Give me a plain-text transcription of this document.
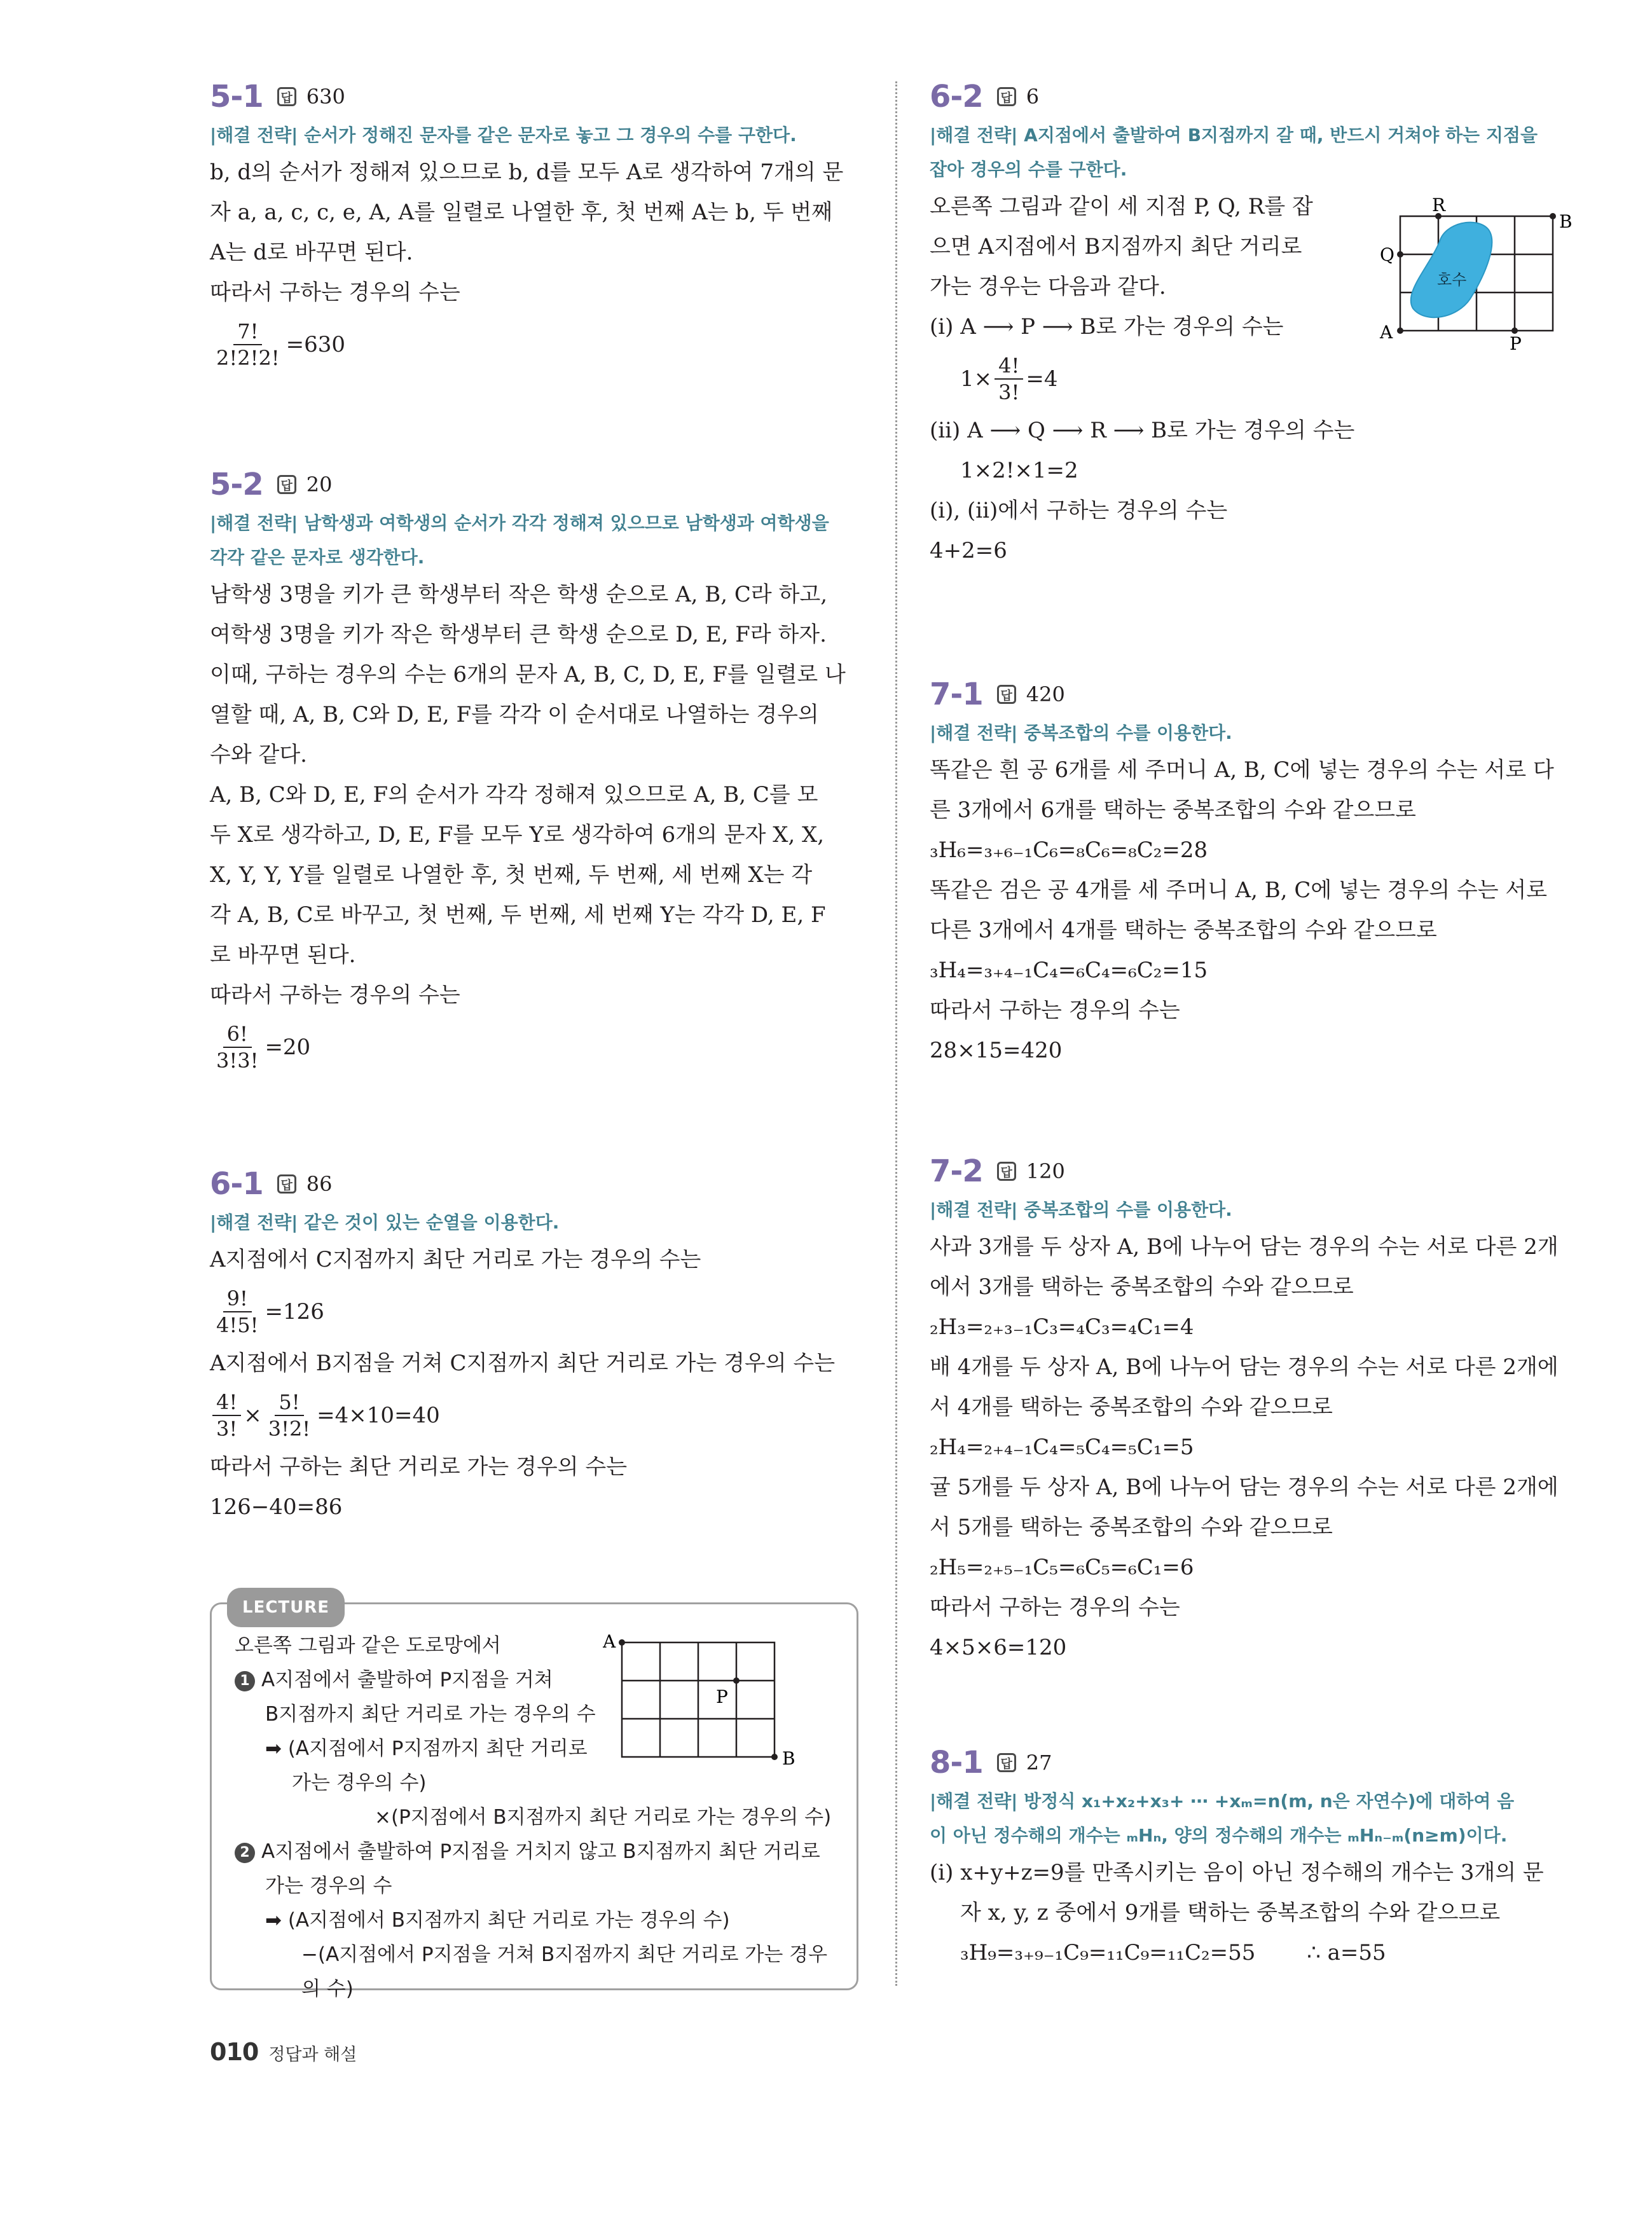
5-1	답 630
|해결 전략| 순서가 정해진 문자를 같은 문자로 놓고 그 경우의 수를 구한다.

b, d의 순서가 정해져 있으므로 b, d를 모두 A로 생각하여 7개의 문

자 a, a, c, c, e, A, A를 일렬로 나열한 후, 첫 번째 A는 b, 두 번째

A는 d로 바꾸면 된다.

따라서 구하는 경우의 수는

$\frac{7!}{2!2!2!} =630$
5-2	답 20
|해결 전략| 남학생과 여학생의 순서가 각각 정해져 있으므로 남학생과 여학생을
각각 같은 문자로 생각한다.

남학생 3명을 키가 큰 학생부터 작은 학생 순으로 A, B, C라 하고,

여학생 3명을 키가 작은 학생부터 큰 학생 순으로 D, E, F라 하자.

이때, 구하는 경우의 수는 6개의 문자 A, B, C, D, E, F를 일렬로 나

열할 때, A, B, C와 D, E, F를 각각 이 순서대로 나열하는 경우의

수와 같다.

A, B, C와 D, E, F의 순서가 각각 정해져 있으므로 A, B, C를 모

두 X로 생각하고, D, E, F를 모두 Y로 생각하여 6개의 문자 X, X,

X, Y, Y, Y를 일렬로 나열한 후, 첫 번째, 두 번째, 세 번째 X는 각

각 A, B, C로 바꾸고, 첫 번째, 두 번째, 세 번째 Y는 각각 D, E, F

로 바꾸면 된다.

따라서 구하는 경우의 수는

$\frac{6!}{3!3!} =20$
6-1	답 86
|해결 전략| 같은 것이 있는 순열을 이용한다.

A지점에서 C지점까지 최단 거리로 가는 경우의 수는

$\frac{9!}{4!5!} =126$

A지점에서 B지점을 거쳐 C지점까지 최단 거리로 가는 경우의 수는

$\frac{4!}{3!} \times \frac{5!}{3!2!} =4\times 10=40$

따라서 구하는 최단 거리로 가는 경우의 수는

126−40=86

LECTURE
A
P
B

오른쪽 그림과 같은 도로망에서

1 A지점에서 출발하여 P지점을 거쳐

B지점까지 최단 거리로 가는 경우의 수

➡ (A지점에서 P지점까지 최단 거리로

가는 경우의 수)

×(P지점에서 B지점까지 최단 거리로 가는 경우의 수)

2 A지점에서 출발하여 P지점을 거치지 않고 B지점까지 최단 거리로

가는 경우의 수

➡ (A지점에서 B지점까지 최단 거리로 가는 경우의 수)

−(A지점에서 P지점을 거쳐 B지점까지 최단 거리로 가는 경우의 수)

6-2	답 6
|해결 전략| A지점에서 출발하여 B지점까지 갈 때, 반드시 거쳐야 하는 지점을
잡아 경우의 수를 구한다.
R
B
Q
A
P
호수

오른쪽 그림과 같이 세 지점 P, Q, R를 잡

으면 A지점에서 B지점까지 최단 거리로

가는 경우는 다음과 같다.

(ⅰ) A ⟶ P ⟶ B로 가는 경우의 수는

$1\times \frac{4!}{3!} =4$

(ⅱ) A ⟶ Q ⟶ R ⟶ B로 가는 경우의 수는

1×2!×1=2

(ⅰ), (ⅱ)에서 구하는 경우의 수는

4+2=6

7-1	답 420
|해결 전략| 중복조합의 수를 이용한다.

똑같은 흰 공 6개를 세 주머니 A, B, C에 넣는 경우의 수는 서로 다

른 3개에서 6개를 택하는 중복조합의 수와 같으므로

₃H₆=₃₊₆₋₁C₆=₈C₆=₈C₂=28

똑같은 검은 공 4개를 세 주머니 A, B, C에 넣는 경우의 수는 서로

다른 3개에서 4개를 택하는 중복조합의 수와 같으므로

₃H₄=₃₊₄₋₁C₄=₆C₄=₆C₂=15

따라서 구하는 경우의 수는

28×15=420

7-2	답 120
|해결 전략| 중복조합의 수를 이용한다.

사과 3개를 두 상자 A, B에 나누어 담는 경우의 수는 서로 다른 2개

에서 3개를 택하는 중복조합의 수와 같으므로

₂H₃=₂₊₃₋₁C₃=₄C₃=₄C₁=4

배 4개를 두 상자 A, B에 나누어 담는 경우의 수는 서로 다른 2개에

서 4개를 택하는 중복조합의 수와 같으므로

₂H₄=₂₊₄₋₁C₄=₅C₄=₅C₁=5

귤 5개를 두 상자 A, B에 나누어 담는 경우의 수는 서로 다른 2개에

서 5개를 택하는 중복조합의 수와 같으므로

₂H₅=₂₊₅₋₁C₅=₆C₅=₆C₁=6

따라서 구하는 경우의 수는

4×5×6=120

8-1	답 27
|해결 전략| 방정식 x₁+x₂+x₃+ ⋯ +xₘ=n(m, n은 자연수)에 대하여 음
이 아닌 정수해의 개수는 ₘHₙ, 양의 정수해의 개수는 ₘHₙ₋ₘ(n≥m)이다.

(ⅰ) x+y+z=9를 만족시키는 음이 아닌 정수해의 개수는 3개의 문

자 x, y, z 중에서 9개를 택하는 중복조합의 수와 같으므로

₃H₉=₃₊₉₋₁C₉=₁₁C₉=₁₁C₂=55 ∴ a=55

010 정답과 해설
